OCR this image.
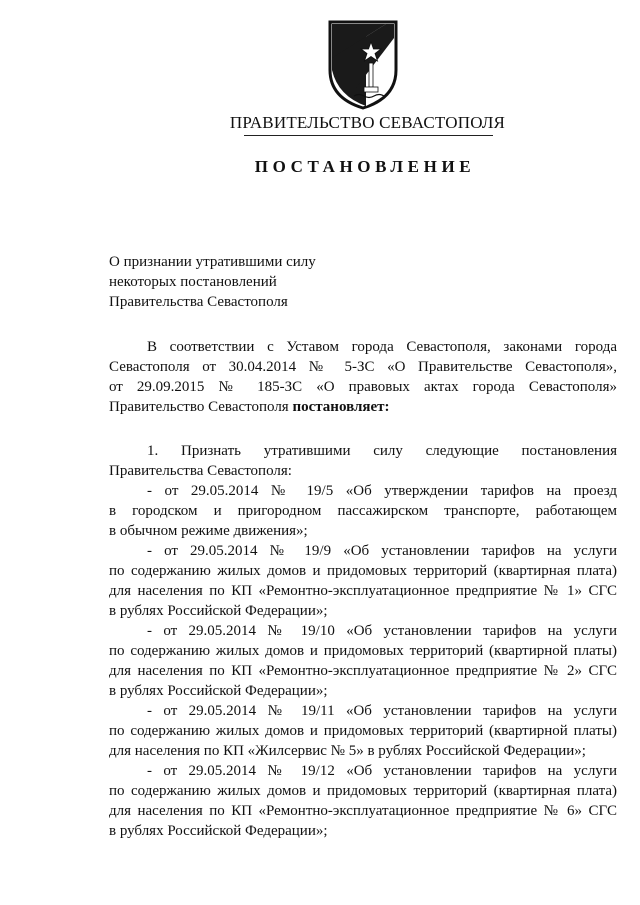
ПРАВИТЕЛЬСТВО СЕВАСТОПОЛЯ
ПОСТАНОВЛЕНИЕ
О признании утратившими силу
некоторых постановлений
Правительства Севастополя
В соответствии с Уставом города Севастополя, законами города
Севастополя от 30.04.2014 № 5-ЗС «О Правительстве Севастополя»,
от 29.09.2015 № 185-ЗС «О правовых актах города Севастополя»
Правительство Севастополя постановляет:
1. Признать утратившими силу следующие постановления
Правительства Севастополя:
- от 29.05.2014 № 19/5 «Об утверждении тарифов на проезд
в городском и пригородном пассажирском транспорте, работающем
в обычном режиме движения»;
- от 29.05.2014 № 19/9 «Об установлении тарифов на услуги
по содержанию жилых домов и придомовых территорий (квартирная плата)
для населения по КП «Ремонтно-эксплуатационное предприятие № 1» СГС
в рублях Российской Федерации»;
- от 29.05.2014 № 19/10 «Об установлении тарифов на услуги
по содержанию жилых домов и придомовых территорий (квартирной платы)
для населения по КП «Ремонтно-эксплуатационное предприятие № 2» СГС
в рублях Российской Федерации»;
- от 29.05.2014 № 19/11 «Об установлении тарифов на услуги
по содержанию жилых домов и придомовых территорий (квартирной платы)
для населения по КП «Жилсервис № 5» в рублях Российской Федерации»;
- от 29.05.2014 № 19/12 «Об установлении тарифов на услуги
по содержанию жилых домов и придомовых территорий (квартирная плата)
для населения по КП «Ремонтно-эксплуатационное предприятие № 6» СГС
в рублях Российской Федерации»;
